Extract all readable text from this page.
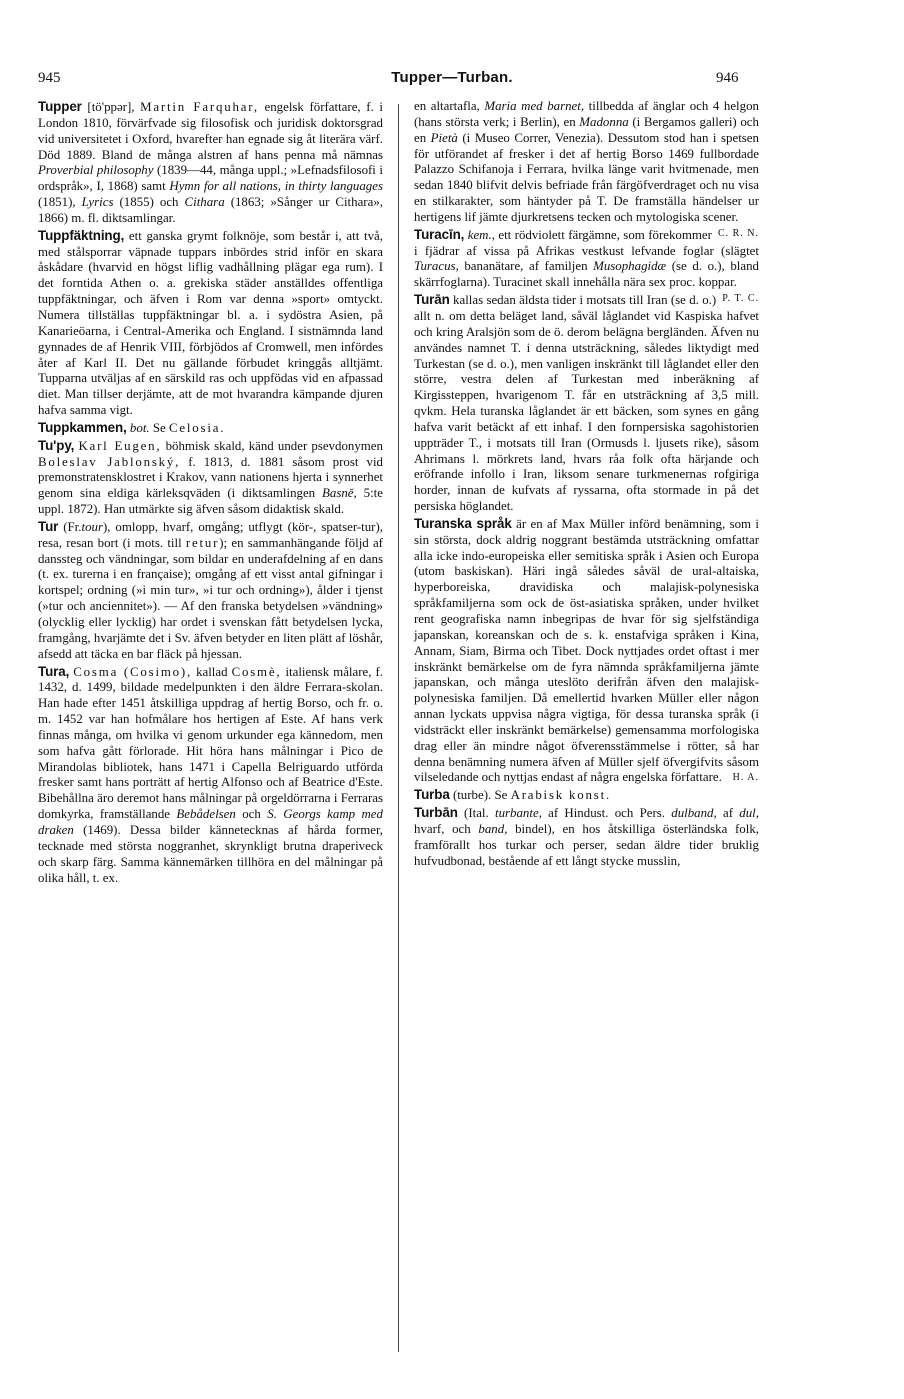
945	Tupper—Turban.	946

Tupper [tö'ppər], Martin Farquhar, engelsk författare, f. i London 1810, förvärfvade sig filosofisk och juridisk doktorsgrad vid universitetet i Oxford, hvarefter han egnade sig åt literära värf. Död 1889. Bland de många alstren af hans penna må nämnas Proverbial philosophy (1839—44, många uppl.; »Lefnadsfilosofi i ordspråk», I, 1868) samt Hymn for all nations, in thirty languages (1851), Lyrics (1855) och Cithara (1863; »Sånger ur Cithara», 1866) m. fl. diktsamlingar.

Tuppfäktning, ett ganska grymt folknöje, som består i, att två, med stålsporrar väpnade tuppars inbördes strid inför en skara åskådare (hvarvid en högst liflig vadhållning plägar ega rum). I det forntida Athen o. a. grekiska städer anställdes offentliga tuppfäktningar, och äfven i Rom var denna »sport» omtyckt. Numera tillställas tuppfäktningar bl. a. i sydöstra Asien, på Kanarieöarna, i Central-Amerika och England. I sistnämnda land gynnades de af Henrik VIII, förbjödos af Cromwell, men infördes åter af Karl II. Det nu gällande förbudet kringgås alltjämt. Tupparna utväljas af en särskild ras och uppfödas vid en afpassad diet. Man tillser derjämte, att de mot hvarandra kämpande djuren hafva samma vigt.

Tuppkammen, bot. Se Celosia.

Tu'py, Karl Eugen, böhmisk skald, känd under psevdonymen Boleslav Jablonský, f. 1813, d. 1881 såsom prost vid premonstratensklostret i Krakov, vann nationens hjerta i synnerhet genom sina eldiga kärleksqväden (i diktsamlingen Basně, 5:te uppl. 1872). Han utmärkte sig äfven såsom didaktisk skald.

Tur (Fr.tour), omlopp, hvarf, omgång; utflygt (kör-, spatser-tur), resa, resan bort (i mots. till retur); en sammanhängande följd af danssteg och vändningar, som bildar en underafdelning af en dans (t. ex. turerna i en française); omgång af ett visst antal gifningar i kortspel; ordning (»i min tur», »i tur och ordning»), ålder i tjenst (»tur och anciennitet»). — Af den franska betydelsen »vändning» (olycklig eller lycklig) har ordet i svenskan fått betydelsen lycka, framgång, hvarjämte det i Sv. äfven betyder en liten plätt af löshår, afsedd att täcka en bar fläck på hjessan.

Tura, Cosma (Cosimo), kallad Cosmè, italiensk målare, f. 1432, d. 1499, bildade medelpunkten i den äldre Ferrara-skolan. Han hade efter 1451 åtskilliga uppdrag af hertig Borso, och fr. o. m. 1452 var han hofmålare hos hertigen af Este. Af hans verk finnas många, om hvilka vi genom urkunder ega kännedom, men som hafva gått förlorade. Hit höra hans målningar i Pico de Mirandolas bibliotek, hans 1471 i Capella Belriguardo utförda fresker samt hans porträtt af hertig Alfonso och af Beatrice d'Este. Bibehållna äro deremot hans målningar på orgeldörrarna i Ferraras domkyrka, framställande Bebådelsen och S. Georgs kamp med draken (1469). Dessa bilder kännetecknas af hårda former, tecknade med största noggranhet, skrynkligt brutna draperiveck och skarp färg. Samma kännemärken tillhöra en del målningar på olika håll, t. ex.

en altartafla, Maria med barnet, tillbedda af änglar och 4 helgon (hans största verk; i Berlin), en Madonna (i Bergamos galleri) och en Pietà (i Museo Correr, Venezia). Dessutom stod han i spetsen för utförandet af fresker i det af hertig Borso 1469 fullbordade Palazzo Schifanoja i Ferrara, hvilka länge varit hvitmenade, men sedan 1840 blifvit delvis befriade från färgöfverdraget och nu visa en stilkarakter, som häntyder på T. De framställa händelser ur hertigens lif jämte djurkretsens tecken och mytologiska scener.
C. R. N.

Turacīn, kem., ett rödviolett färgämne, som förekommer i fjädrar af vissa på Afrikas vestkust lefvande foglar (slägtet Turacus, bananätare, af familjen Musophagidæ (se d. o.), bland skärrfoglarna). Turacinet skall innehålla nära sex proc. koppar.
P. T. C.

Turān kallas sedan äldsta tider i motsats till Iran (se d. o.) allt n. om detta beläget land, såväl låglandet vid Kaspiska hafvet och kring Aralsjön som de ö. derom belägna bergländen. Äfven nu användes namnet T. i denna utsträckning, således liktydigt med Turkestan (se d. o.), men vanligen inskränkt till låglandet eller den större, vestra delen af Turkestan med inberäkning af Kirgissteppen, hvarigenom T. får en utsträckning af 3,5 mill. qvkm. Hela turanska låglandet är ett bäcken, som synes en gång hafva varit betäckt af ett inhaf. I den fornpersiska sagohistorien uppträder T., i motsats till Iran (Ormusds l. ljusets rike), såsom Ahrimans l. mörkrets land, hvars råa folk ofta härjande och eröfrande infollo i Iran, liksom senare turkmenernas rofgiriga horder, innan de kufvats af ryssarna, ofta stormade in på det persiska höglandet.

Turanska språk är en af Max Müller införd benämning, som i sin största, dock aldrig noggrant bestämda utsträckning omfattar alla icke indo-europeiska eller semitiska språk i Asien och Europa (utom baskiskan). Häri ingå således såväl de ural-altaiska, hyperboreiska, dravidiska och malajisk-polynesiska språkfamiljerna som ock de öst-asiatiska språken, under hvilket rent geografiska namn inbegripas de hvar för sig sjelfständiga japanskan, koreanskan och de s. k. enstafviga språken i Kina, Annam, Siam, Birma och Tibet. Dock nyttjades ordet oftast i mer inskränkt bemärkelse om de fyra nämnda språkfamiljerna jämte japanskan, och många uteslöto derifrån äfven den malajisk-polynesiska familjen. Då emellertid hvarken Müller eller någon annan lyckats uppvisa några vigtiga, för dessa turanska språk (i vidsträckt eller inskränkt bemärkelse) gemensamma morfologiska drag eller än mindre något öfverensstämmelse i rötter, så har denna benämning numera äfven af Müller sjelf öfvergifvits såsom vilseledande och nyttjas endast af några engelska författare. H. A.

Turba (turbe). Se Arabisk konst.

Turbān (Ital. turbante, af Hindust. och Pers. dulband, af dul, hvarf, och band, bindel), en hos åtskilliga österländska folk, framförallt hos turkar och perser, sedan äldre tider bruklig hufvudbonad, bestående af ett långt stycke musslin,
